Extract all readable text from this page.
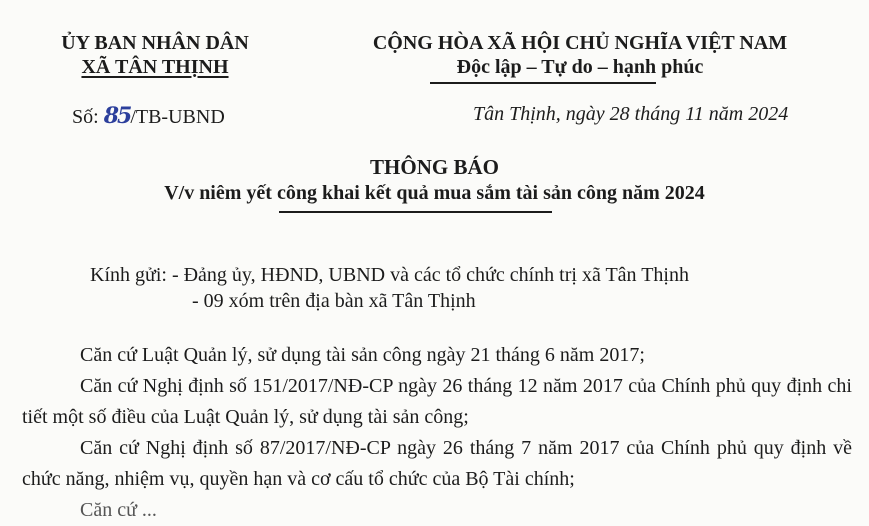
ỦY BAN NHÂN DÂN
XÃ TÂN THỊNH
CỘNG HÒA XÃ HỘI CHỦ NGHĨA VIỆT NAM
Độc lập – Tự do – hạnh phúc
Số: 85/TB-UBND	Tân Thịnh, ngày 28 tháng 11 năm 2024
THÔNG BÁO
V/v niêm yết công khai kết quả mua sắm tài sản công năm 2024
Kính gửi: - Đảng ủy, HĐND, UBND và các tổ chức chính trị xã Tân Thịnh
- 09 xóm trên địa bàn xã Tân Thịnh
Căn cứ Luật Quản lý, sử dụng tài sản công ngày 21 tháng 6 năm 2017;
Căn cứ Nghị định số 151/2017/NĐ-CP ngày 26 tháng 12 năm 2017 của Chính phủ quy định chi tiết một số điều của Luật Quản lý, sử dụng tài sản công;
Căn cứ Nghị định số 87/2017/NĐ-CP ngày 26 tháng 7 năm 2017 của Chính phủ quy định về chức năng, nhiệm vụ, quyền hạn và cơ cấu tổ chức của Bộ Tài chính;
Căn cứ ...
